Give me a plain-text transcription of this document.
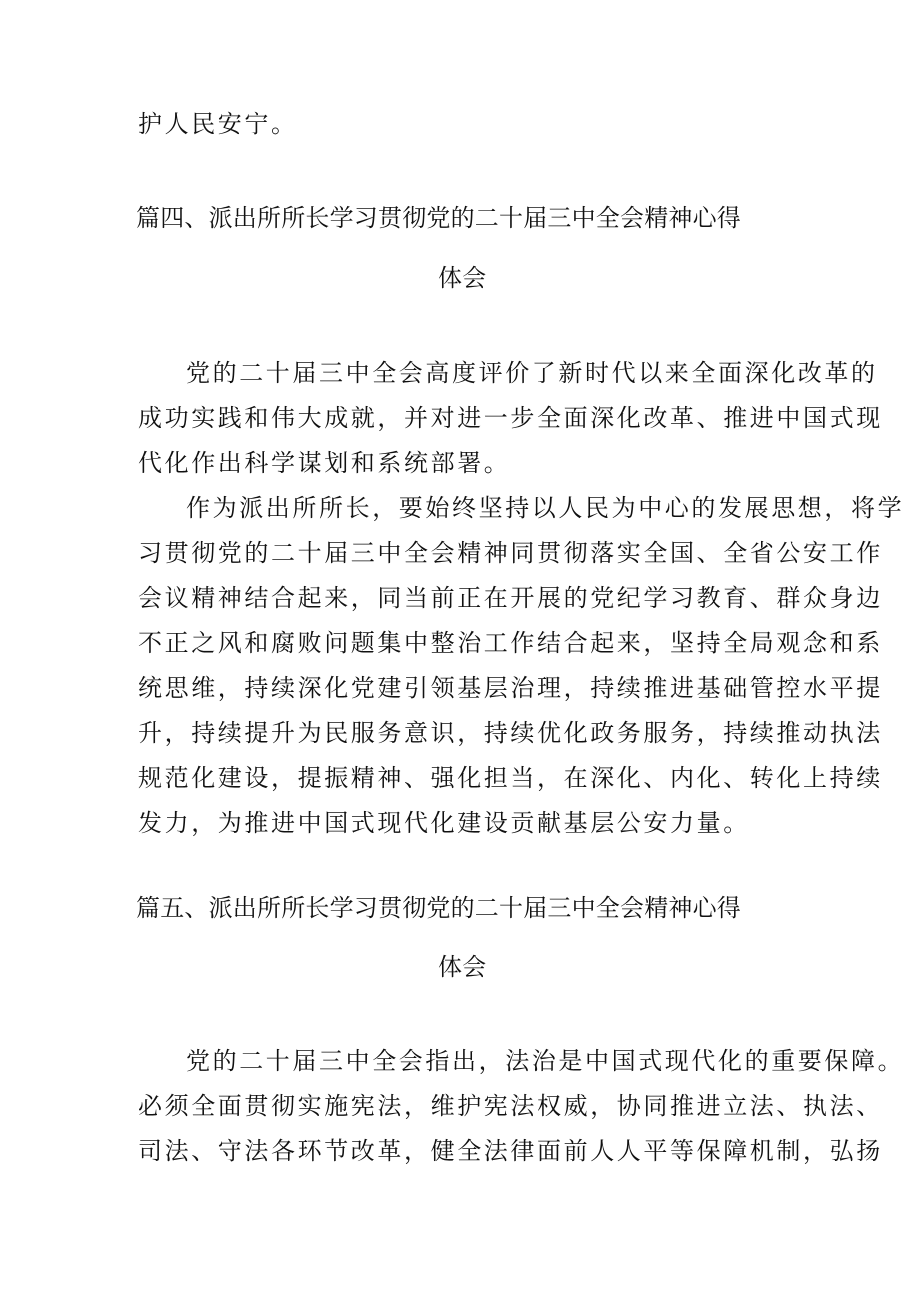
护人民安宁。
篇四、派出所所长学习贯彻党的二十届三中全会精神心得
体会
党的二十届三中全会高度评价了新时代以来全面深化改革的
成功实践和伟大成就，并对进一步全面深化改革、推进中国式现
代化作出科学谋划和系统部署。
作为派出所所长，要始终坚持以人民为中心的发展思想，将学
习贯彻党的二十届三中全会精神同贯彻落实全国、全省公安工作
会议精神结合起来，同当前正在开展的党纪学习教育、群众身边
不正之风和腐败问题集中整治工作结合起来，坚持全局观念和系
统思维，持续深化党建引领基层治理，持续推进基础管控水平提
升，持续提升为民服务意识，持续优化政务服务，持续推动执法
规范化建设，提振精神、强化担当，在深化、内化、转化上持续
发力，为推进中国式现代化建设贡献基层公安力量。
篇五、派出所所长学习贯彻党的二十届三中全会精神心得
体会
党的二十届三中全会指出，法治是中国式现代化的重要保障。
必须全面贯彻实施宪法，维护宪法权威，协同推进立法、执法、
司法、守法各环节改革，健全法律面前人人平等保障机制，弘扬
